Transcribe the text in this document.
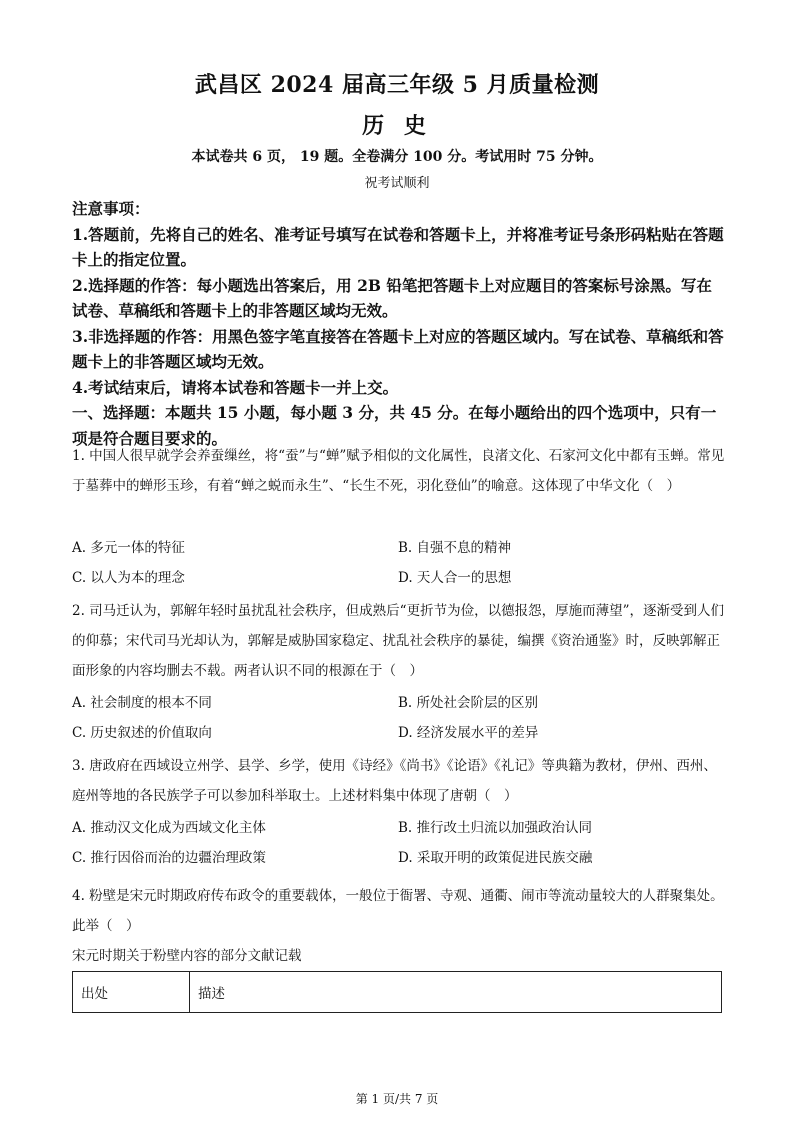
武昌区 2024 届高三年级 5 月质量检测
历 史
本试卷共 6 页， 19 题。全卷满分 100 分。考试用时 75 分钟。
祝考试顺利

注意事项：

1.答题前，先将自己的姓名、准考证号填写在试卷和答题卡上，并将准考证号条形码粘贴在答题卡上的指定位置。

2.选择题的作答：每小题选出答案后，用 2B 铅笔把答题卡上对应题目的答案标号涂黑。写在试卷、草稿纸和答题卡上的非答题区域均无效。

3.非选择题的作答：用黑色签字笔直接答在答题卡上对应的答题区域内。写在试卷、草稿纸和答题卡上的非答题区域均无效。

4.考试结束后，请将本试卷和答题卡一并上交。

一、选择题：本题共 15 小题，每小题 3 分，共 45 分。在每小题给出的四个选项中，只有一项是符合题目要求的。

1. 中国人很早就学会养蚕缫丝，将“蚕”与“蝉”赋予相似的文化属性，良渚文化、石家河文化中都有玉蝉。常见于墓葬中的蝉形玉珍，有着“蝉之蜕而永生”、“长生不死，羽化登仙”的喻意。这体现了中华文化（　）

A. 多元一体的特征	B. 自强不息的精神
C. 以人为本的理念	D. 天人合一的思想

2. 司马迁认为，郭解年轻时虽扰乱社会秩序，但成熟后“更折节为俭，以德报怨，厚施而薄望”，逐渐受到人们的仰慕；宋代司马光却认为，郭解是威胁国家稳定、扰乱社会秩序的暴徒，编撰《资治通鉴》时，反映郭解正面形象的内容均删去不载。两者认识不同的根源在于（　）

A. 社会制度的根本不同	B. 所处社会阶层的区别
C. 历史叙述的价值取向	D. 经济发展水平的差异

3. 唐政府在西域设立州学、县学、乡学，使用《诗经》《尚书》《论语》《礼记》等典籍为教材，伊州、西州、庭州等地的各民族学子可以参加科举取士。上述材料集中体现了唐朝（　）

A. 推动汉文化成为西域文化主体	B. 推行改土归流以加强政治认同
C. 推行因俗而治的边疆治理政策	D. 采取开明的政策促进民族交融

4. 粉壁是宋元时期政府传布政令的重要载体，一般位于衙署、寺观、通衢、闹市等流动量较大的人群聚集处。此举（　）

宋元时期关于粉壁内容的部分文献记载
出处	描述
第 1 页/共 7 页
